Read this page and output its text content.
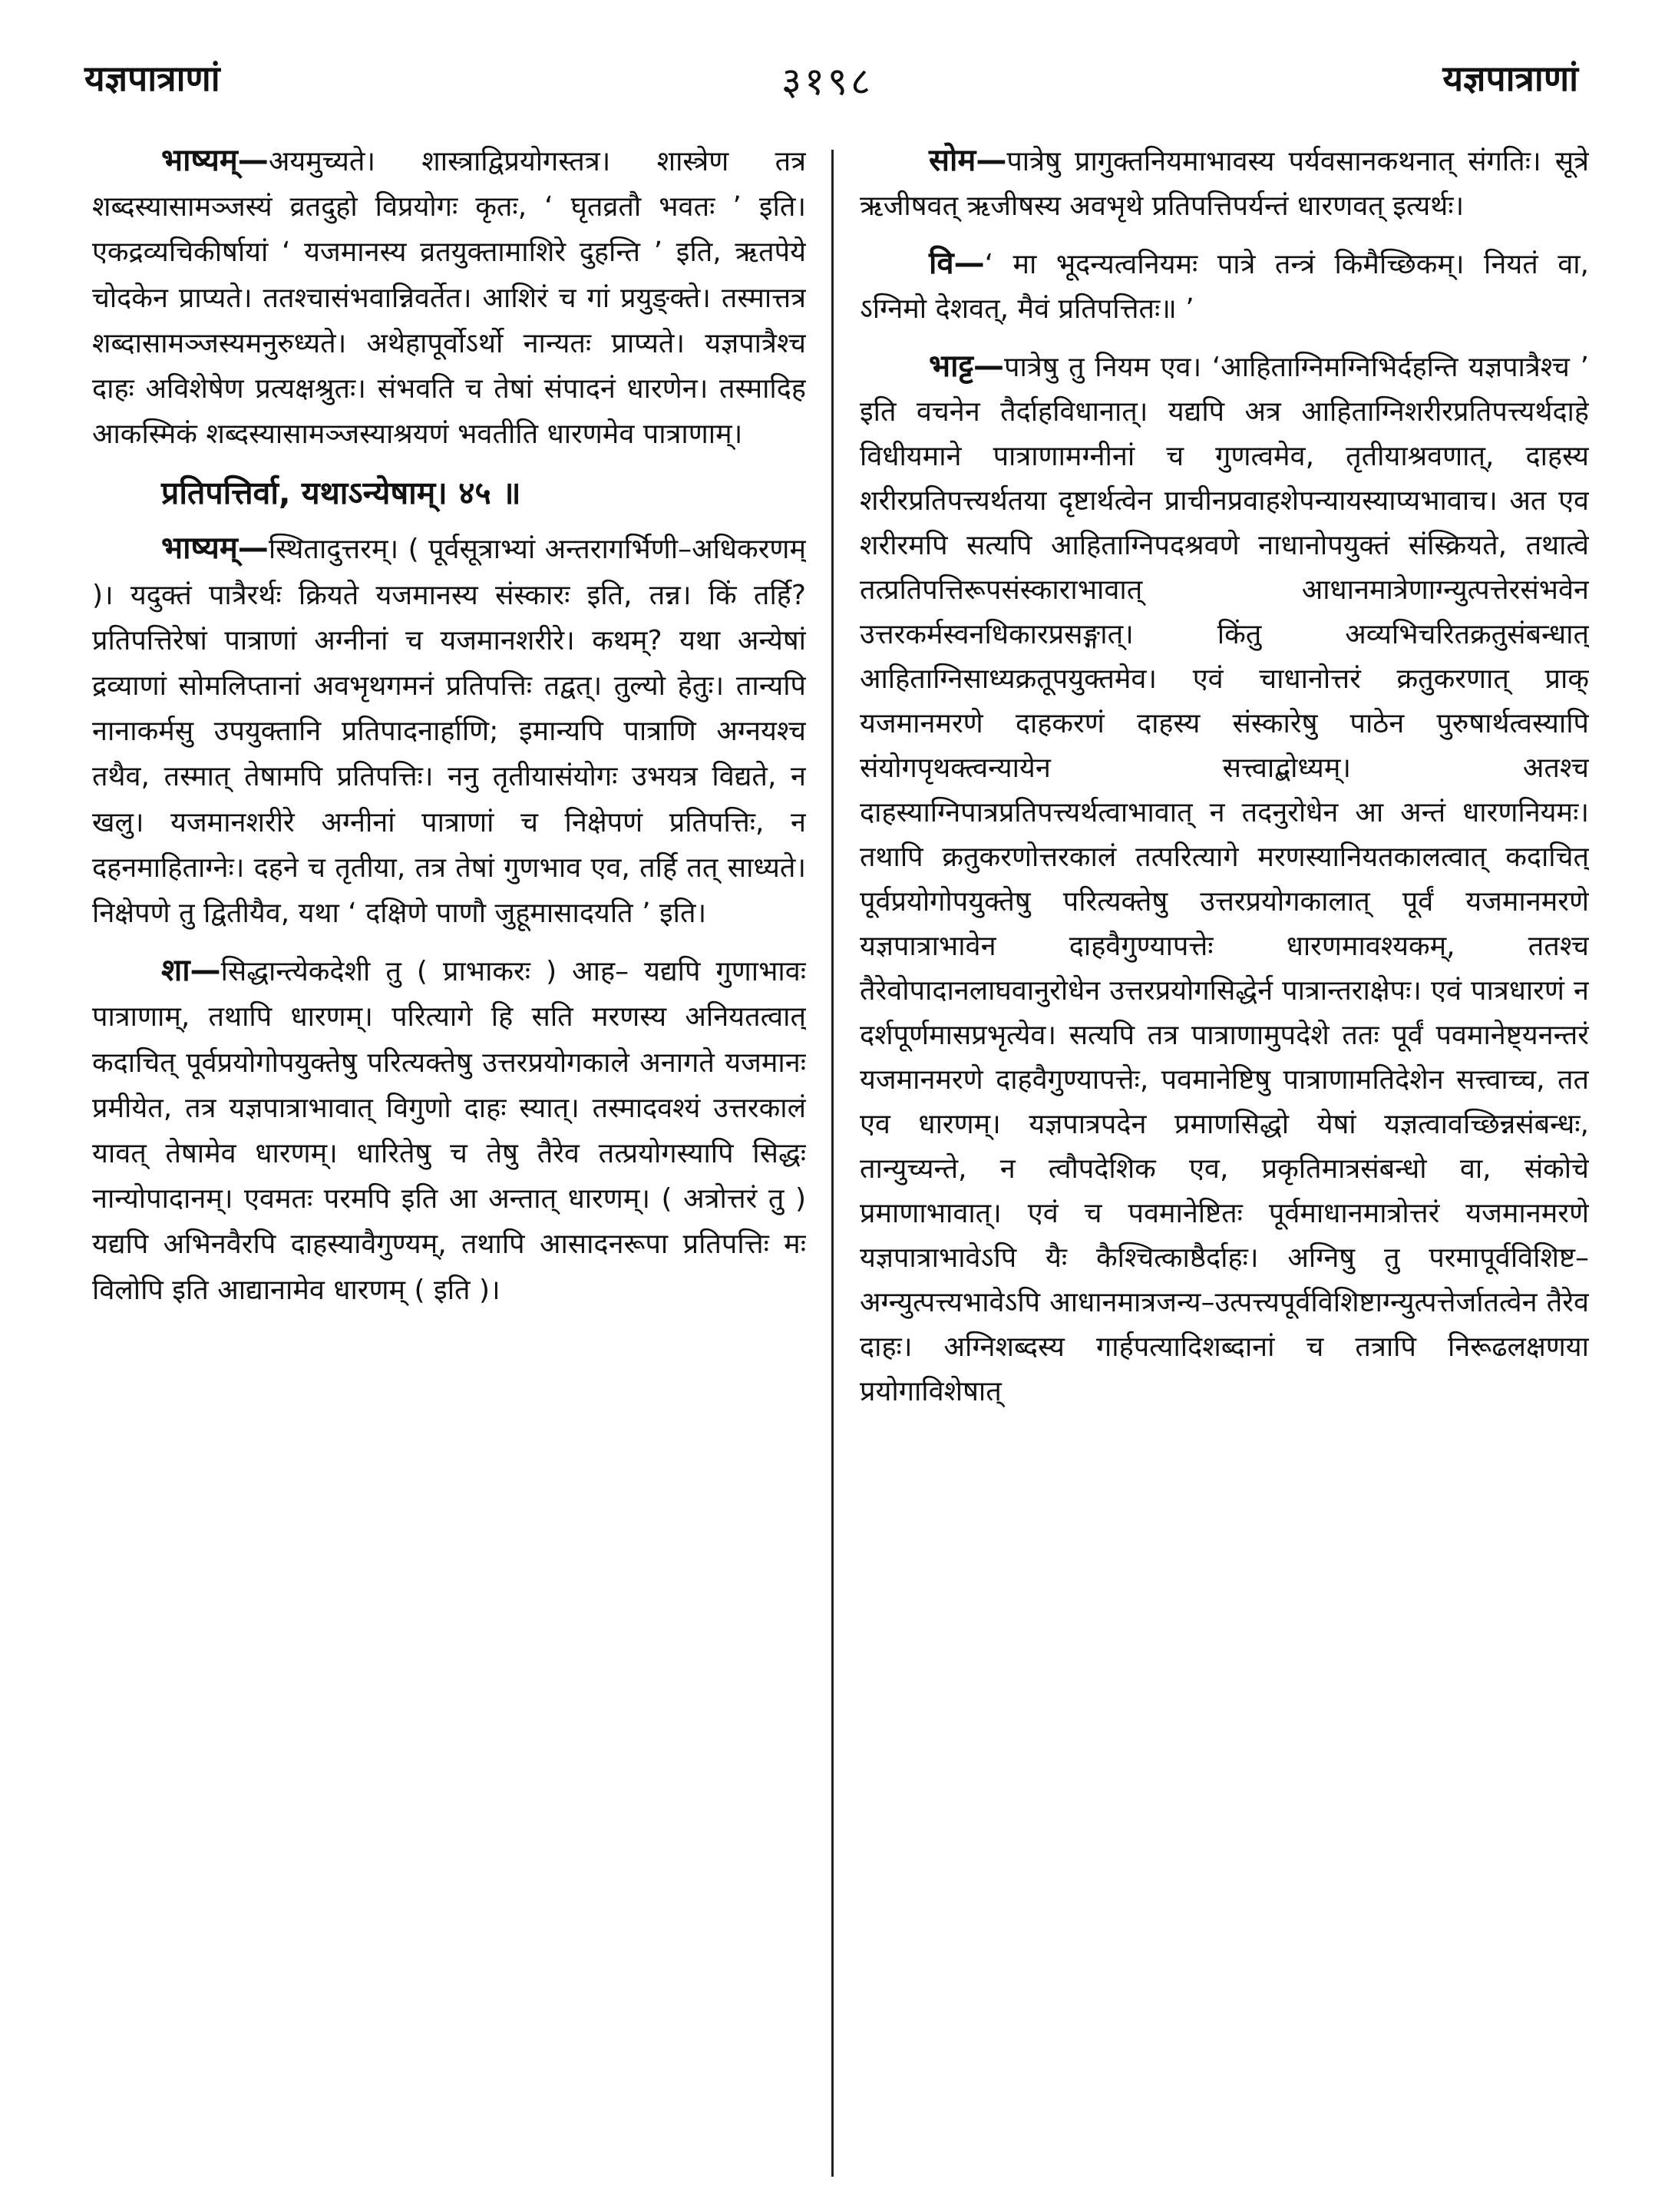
यज्ञपात्राणां	३१९८	यज्ञपात्राणां

भाष्यम्—अयमुच्यते। शास्त्राद्विप्रयोगस्तत्र। शास्त्रेण तत्र शब्दस्यासामञ्जस्यं व्रतदुहो विप्रयोगः कृतः, ‘ घृतव्रतौ भवतः ’ इति। एकद्रव्यचिकीर्षायां ‘ यजमानस्य व्रतयुक्तामाशिरे दुहन्ति ’ इति, ऋतपेये चोदकेन प्राप्यते। ततश्चासंभवान्निवर्तेत। आशिरं च गां प्रयुङ्क्ते। तस्मात्तत्र शब्दासामञ्जस्यमनुरुध्यते। अथेहापूर्वोऽर्थो नान्यतः प्राप्यते। यज्ञपात्रैश्च दाहः अविशेषेण प्रत्यक्षश्रुतः। संभवति च तेषां संपादनं धारणेन। तस्मादिह आकस्मिकं शब्दस्यासामञ्जस्याश्रयणं भवतीति धारणमेव पात्राणाम्।

प्रतिपत्तिर्वा, यथाऽन्येषाम्। ४५ ॥

भाष्यम्—स्थितादुत्तरम्। ( पूर्वसूत्राभ्यां अन्तरागर्भिणी–अधिकरणम् )। यदुक्तं पात्रैरर्थः क्रियते यजमानस्य संस्कारः इति, तन्न। किं तर्हि? प्रतिपत्तिरेषां पात्राणां अग्नीनां च यजमानशरीरे। कथम्? यथा अन्येषां द्रव्याणां सोमलिप्तानां अवभृथगमनं प्रतिपत्तिः तद्वत्। तुल्यो हेतुः। तान्यपि नानाकर्मसु उपयुक्तानि प्रतिपादनार्हाणि; इमान्यपि पात्राणि अग्नयश्च तथैव, तस्मात् तेषामपि प्रतिपत्तिः। ननु तृतीयासंयोगः उभयत्र विद्यते, न खलु। यजमानशरीरे अग्नीनां पात्राणां च निक्षेपणं प्रतिपत्तिः, न दहनमाहिताग्नेः। दहने च तृतीया, तत्र तेषां गुणभाव एव, तर्हि तत् साध्यते। निक्षेपणे तु द्वितीयैव, यथा ‘ दक्षिणे पाणौ जुहूमासादयति ’ इति।

शा—सिद्धान्त्येकदेशी तु ( प्राभाकरः ) आह– यद्यपि गुणाभावः पात्राणाम्, तथापि धारणम्। परित्यागे हि सति मरणस्य अनियतत्वात् कदाचित् पूर्वप्रयोगोपयुक्तेषु परित्यक्तेषु उत्तरप्रयोगकाले अनागते यजमानः प्रमीयेत, तत्र यज्ञपात्राभावात् विगुणो दाहः स्यात्। तस्मादवश्यं उत्तरकालं यावत् तेषामेव धारणम्। धारितेषु च तेषु तैरेव तत्प्रयोगस्यापि सिद्धः नान्योपादानम्। एवमतः परमपि इति आ अन्तात् धारणम्। ( अत्रोत्तरं तु ) यद्यपि अभिनवैरपि दाहस्यावैगुण्यम्, तथापि आसादनरूपा प्रतिपत्तिः मः विलोपि इति आद्यानामेव धारणम् ( इति )।

सोम—पात्रेषु प्रागुक्तनियमाभावस्य पर्यवसानकथनात् संगतिः। सूत्रे ऋजीषवत् ऋजीषस्य अवभृथे प्रतिपत्तिपर्यन्तं धारणवत् इत्यर्थः।

वि—‘ मा भूदन्यत्वनियमः पात्रे तन्त्रं किमैच्छिकम्। नियतं वा, ऽग्निमो देशवत्, मैवं प्रतिपत्तितः॥ ’

भाट्ट—पात्रेषु तु नियम एव। ‘आहिताग्निमग्निभिर्दहन्ति यज्ञपात्रैश्च ’ इति वचनेन तैर्दाहविधानात्। यद्यपि अत्र आहिताग्निशरीरप्रतिपत्त्यर्थदाहे विधीयमाने पात्राणामग्नीनां च गुणत्वमेव, तृतीयाश्रवणात्, दाहस्य शरीरप्रतिपत्त्यर्थतया दृष्टार्थत्वेन प्राचीनप्रवाहशेपन्यायस्याप्यभावाच। अत एव शरीरमपि सत्यपि आहिताग्निपदश्रवणे नाधानोपयुक्तं संस्क्रियते, तथात्वे तत्प्रतिपत्तिरूपसंस्काराभावात् आधानमात्रेणाग्न्युत्पत्तेरसंभवेन उत्तरकर्मस्वनधिकारप्रसङ्गात्। किंतु अव्यभिचरितक्रतुसंबन्धात् आहिताग्निसाध्यक्रतूपयुक्तमेव। एवं चाधानोत्तरं क्रतुकरणात् प्राक् यजमानमरणे दाहकरणं दाहस्य संस्कारेषु पाठेन पुरुषार्थत्वस्यापि संयोगपृथक्त्वन्यायेन सत्त्वाद्बोध्यम्। अतश्च दाहस्याग्निपात्रप्रतिपत्त्यर्थत्वाभावात् न तदनुरोधेन आ अन्तं धारणनियमः। तथापि क्रतुकरणोत्तरकालं तत्परित्यागे मरणस्यानियतकालत्वात् कदाचित् पूर्वप्रयोगोपयुक्तेषु परित्यक्तेषु उत्तरप्रयोगकालात् पूर्वं यजमानमरणे यज्ञपात्राभावेन दाहवैगुण्यापत्तेः धारणमावश्यकम्, ततश्च तैरेवोपादानलाघवानुरोधेन उत्तरप्रयोगसिद्धेर्न पात्रान्तराक्षेपः। एवं पात्रधारणं न दर्शपूर्णमासप्रभृत्येव। सत्यपि तत्र पात्राणामुपदेशे ततः पूर्वं पवमानेष्ट्यनन्तरं यजमानमरणे दाहवैगुण्यापत्तेः, पवमानेष्टिषु पात्राणामतिदेशेन सत्त्वाच्च, तत एव धारणम्। यज्ञपात्रपदेन प्रमाणसिद्धो येषां यज्ञत्वावच्छिन्नसंबन्धः, तान्युच्यन्ते, न त्वौपदेशिक एव, प्रकृतिमात्रसंबन्धो वा, संकोचे प्रमाणाभावात्। एवं च पवमानेष्टितः पूर्वमाधानमात्रोत्तरं यजमानमरणे यज्ञपात्राभावेऽपि यैः कैश्चित्काष्ठैर्दाहः। अग्निषु तु परमापूर्वविशिष्ट–अग्न्युत्पत्त्यभावेऽपि आधानमात्रजन्य–उत्पत्त्यपूर्वविशिष्टाग्न्युत्पत्तेर्जातत्वेन तैरेव दाहः। अग्निशब्दस्य गार्हपत्यादिशब्दानां च तत्रापि निरूढलक्षणया प्रयोगाविशेषात्
